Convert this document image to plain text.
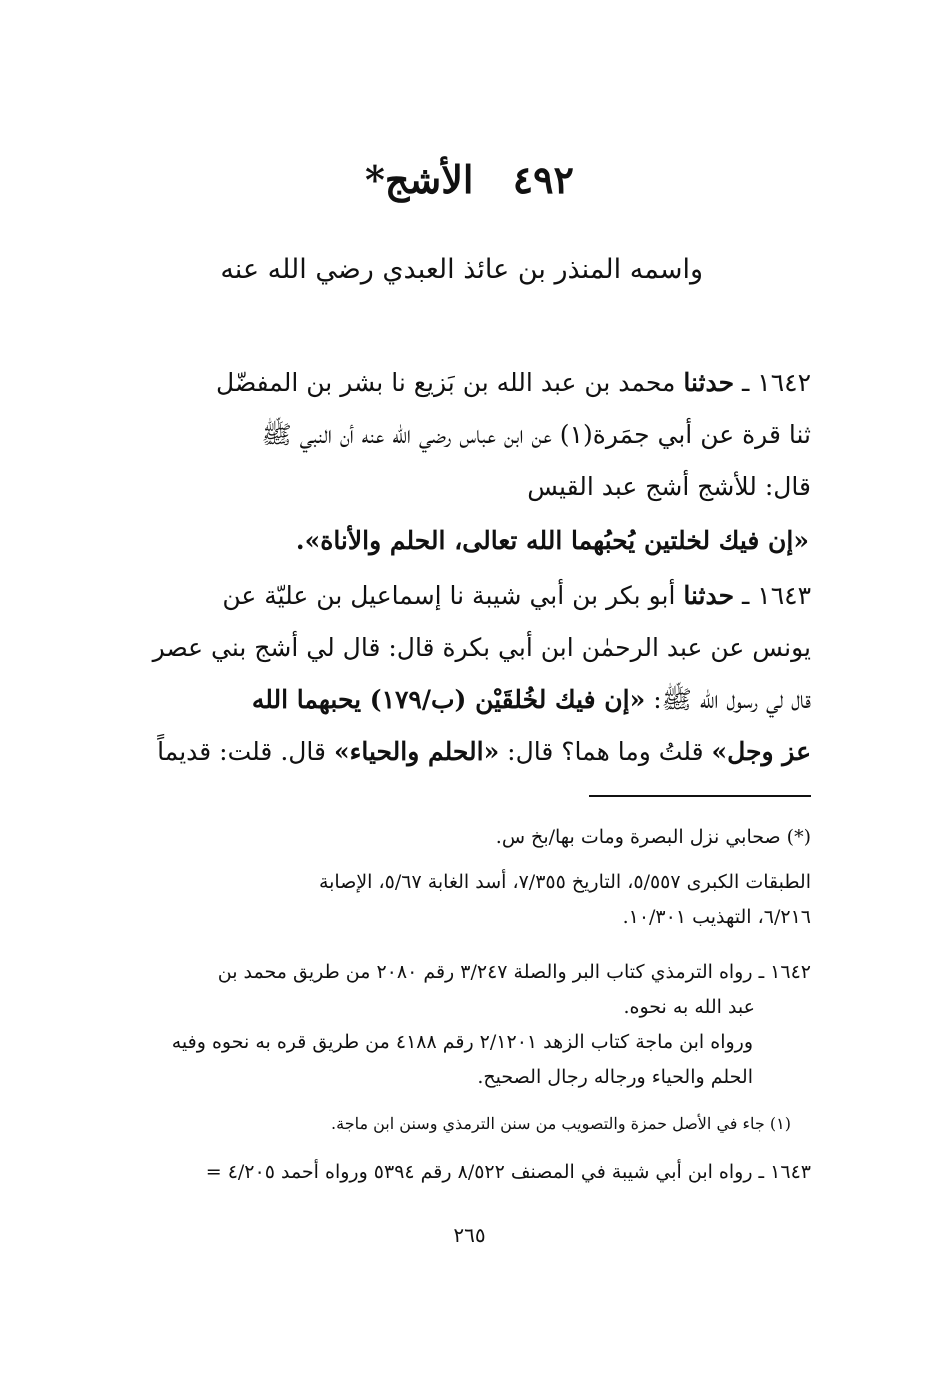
٤٩٢ الأشج*
واسمه المنذر بن عائذ العبدي رضي الله عنه
١٦٤٢ ـ حدثنا محمد بن عبد الله بن بَزيع نا بشر بن المفضّل
ثنا قرة عن أبي جمَرة(١) عن ابن عباس رضي الله عنه أن النبي ﷺ
قال: للأشج أشج عبد القيس
«إن فيك لخلتين يُحبُهما الله تعالى، الحلم والأناة».
١٦٤٣ ـ حدثنا أبو بكر بن أبي شيبة نا إسماعيل بن عليّة عن
يونس عن عبد الرحمٰن ابن أبي بكرة قال: قال لي أشج بني عصر
قال لي رسول الله ﷺ: «إن فيك لخُلقَيْن (ب/١٧٩) يحبهما الله
عز وجل» قلتُ وما هما؟ قال: «الحلم والحياء» قال. قلت: قديماً
(*) صحابي نزل البصرة ومات بها/بخ س.
الطبقات الكبرى ٥/٥٥٧، التاريخ ٧/٣٥٥، أسد الغابة ٥/٦٧، الإصابة
٦/٢١٦، التهذيب ١٠/٣٠١.
١٦٤٢ ـ رواه الترمذي كتاب البر والصلة ٣/٢٤٧ رقم ٢٠٨٠ من طريق محمد بن
عبد الله به نحوه.
ورواه ابن ماجة كتاب الزهد ٢/١٢٠١ رقم ٤١٨٨ من طريق قره به نحوه وفيه
الحلم والحياء ورجاله رجال الصحيح.
(١) جاء في الأصل حمزة والتصويب من سنن الترمذي وسنن ابن ماجة.
١٦٤٣ ـ رواه ابن أبي شيبة في المصنف ٨/٥٢٢ رقم ٥٣٩٤ ورواه أحمد ٤/٢٠٥ =
٢٦٥
